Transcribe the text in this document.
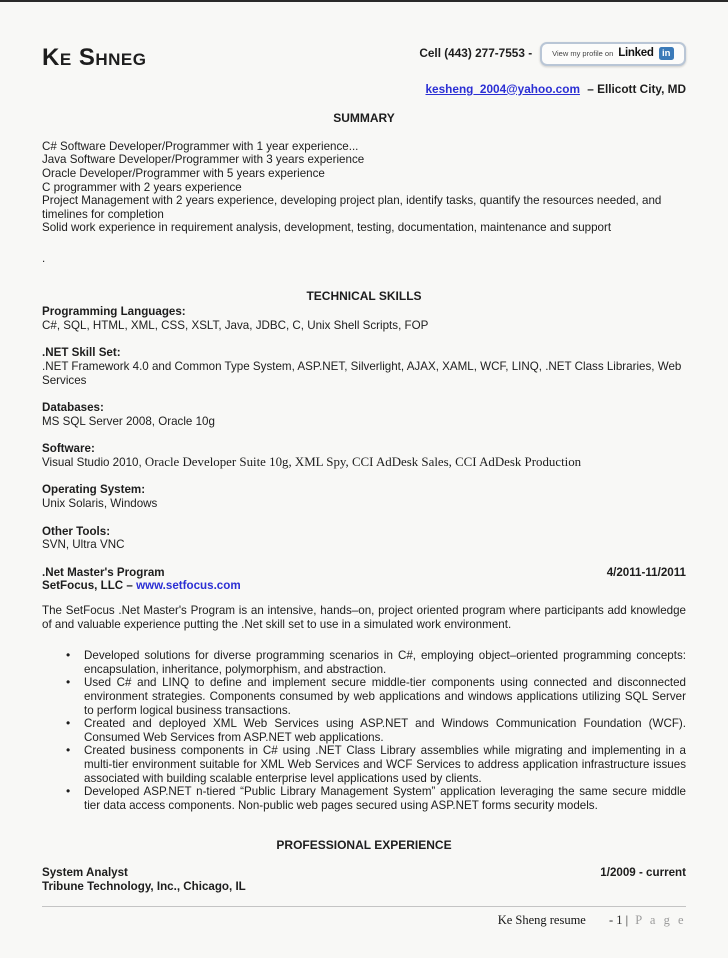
Ke Shneg	Cell (443) 277-7553 -	View my profile on Linked in
kesheng_2004@yahoo.com – Ellicott City, MD
SUMMARY
C# Software Developer/Programmer with 1 year experience...
Java Software Developer/Programmer with 3 years experience
Oracle Developer/Programmer with 5 years experience
C programmer with 2 years experience
Project Management with 2 years experience, developing project plan, identify tasks, quantify the resources needed, and timelines for completion
Solid work experience in requirement analysis, development, testing, documentation, maintenance and support
.
TECHNICAL SKILLS
Programming Languages:
C#, SQL, HTML, XML, CSS, XSLT, Java, JDBC, C, Unix Shell Scripts, FOP
.NET Skill Set:
.NET Framework 4.0 and Common Type System, ASP.NET, Silverlight, AJAX, XAML, WCF, LINQ, .NET Class Libraries, Web Services
Databases:
MS SQL Server 2008, Oracle 10g
Software:
Visual Studio 2010, Oracle Developer Suite 10g, XML Spy, CCI AdDesk Sales, CCI AdDesk Production
Operating System:
Unix Solaris, Windows
Other Tools:
SVN, Ultra VNC
.Net Master's Program	4/2011-11/2011
SetFocus, LLC – www.setfocus.com

The SetFocus .Net Master's Program is an intensive, hands–on, project oriented program where participants add knowledge of and valuable experience putting the .Net skill set to use in a simulated work environment.

• Developed solutions for diverse programming scenarios in C#, employing object–oriented programming concepts: encapsulation, inheritance, polymorphism, and abstraction.
• Used C# and LINQ to define and implement secure middle-tier components using connected and disconnected environment strategies. Components consumed by web applications and windows applications utilizing SQL Server to perform logical business transactions.
• Created and deployed XML Web Services using ASP.NET and Windows Communication Foundation (WCF). Consumed Web Services from ASP.NET web applications.
• Created business components in C# using .NET Class Library assemblies while migrating and implementing in a multi-tier environment suitable for XML Web Services and WCF Services to address application infrastructure issues associated with building scalable enterprise level applications used by clients.
• Developed ASP.NET n-tiered “Public Library Management System” application leveraging the same secure middle tier data access components. Non-public web pages secured using ASP.NET forms security models.
PROFESSIONAL EXPERIENCE
System Analyst	1/2009 - current
Tribune Technology, Inc., Chicago, IL
Ke Sheng resume - 1 | P a g e
